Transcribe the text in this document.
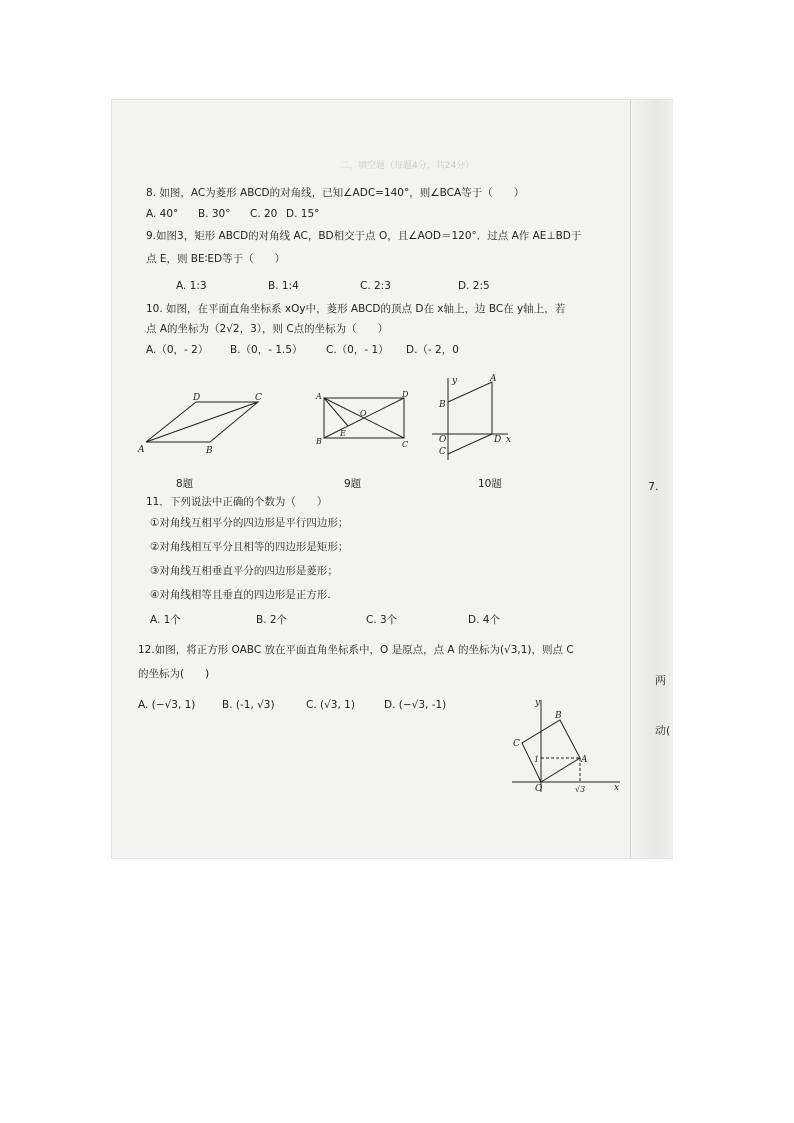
二、填空题（每题4分，共24分）
8. 如图，AC为菱形 ABCD的对角线，已知∠ADC=140°，则∠BCA等于（　　）
A. 40° B. 30° C. 20 D. 15°
9.如图3，矩形 ABCD的对角线 AC，BD相交于点 O，且∠AOD＝120°．过点 A作 AE⊥BD于
点 E，则 BE∶ED等于（　　）
A. 1:3	B. 1:4	C. 2:3	D. 2:5
10. 如图，在平面直角坐标系 xOy中，菱形 ABCD的顶点 D在 x轴上，边 BC在 y轴上，若
点 A的坐标为（2√2，3），则 C点的坐标为（　　）
A.（0，- 2） B.（0，- 1.5） C.（0，- 1） D.（- 2，0
A	B
C
D
8题
A
B	C
D
O
E
9题
y	A
B
O	D
C
x
10题
11．下列说法中正确的个数为（　　）
①对角线互相平分的四边形是平行四边形；
②对角线相互平分且相等的四边形是矩形；
③对角线互相垂直平分的四边形是菱形；
④对角线相等且垂直的四边形是正方形.
A. 1个	B. 2个	C. 3个	D. 4个
12.如图，将正方形 OABC 放在平面直角坐标系中，O 是原点，点 A 的坐标为(√3,1)，则点 C
的坐标为(　　)
A. (−√3, 1)	B. (-1, √3)	C. (√3, 1)	D. (−√3, -1)	y
B
C
A
1
O	√3	x
7.
两
动(
